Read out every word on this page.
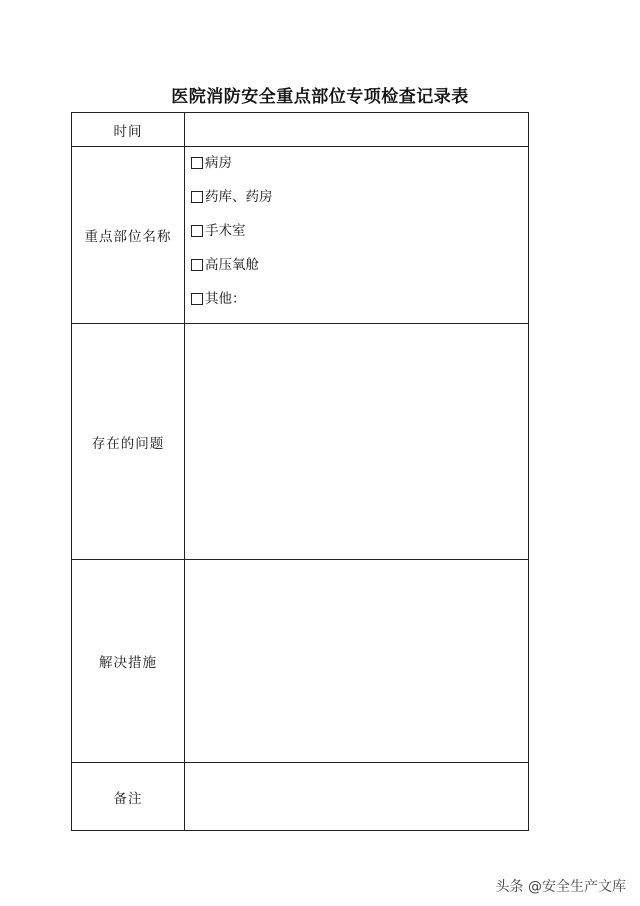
医院消防安全重点部位专项检查记录表
时间	
重点部位名称	病房
药库、药房
手术室
高压氧舱
其他：

存在的问题	
解决措施	
备注	
头条 @安全生产文库
